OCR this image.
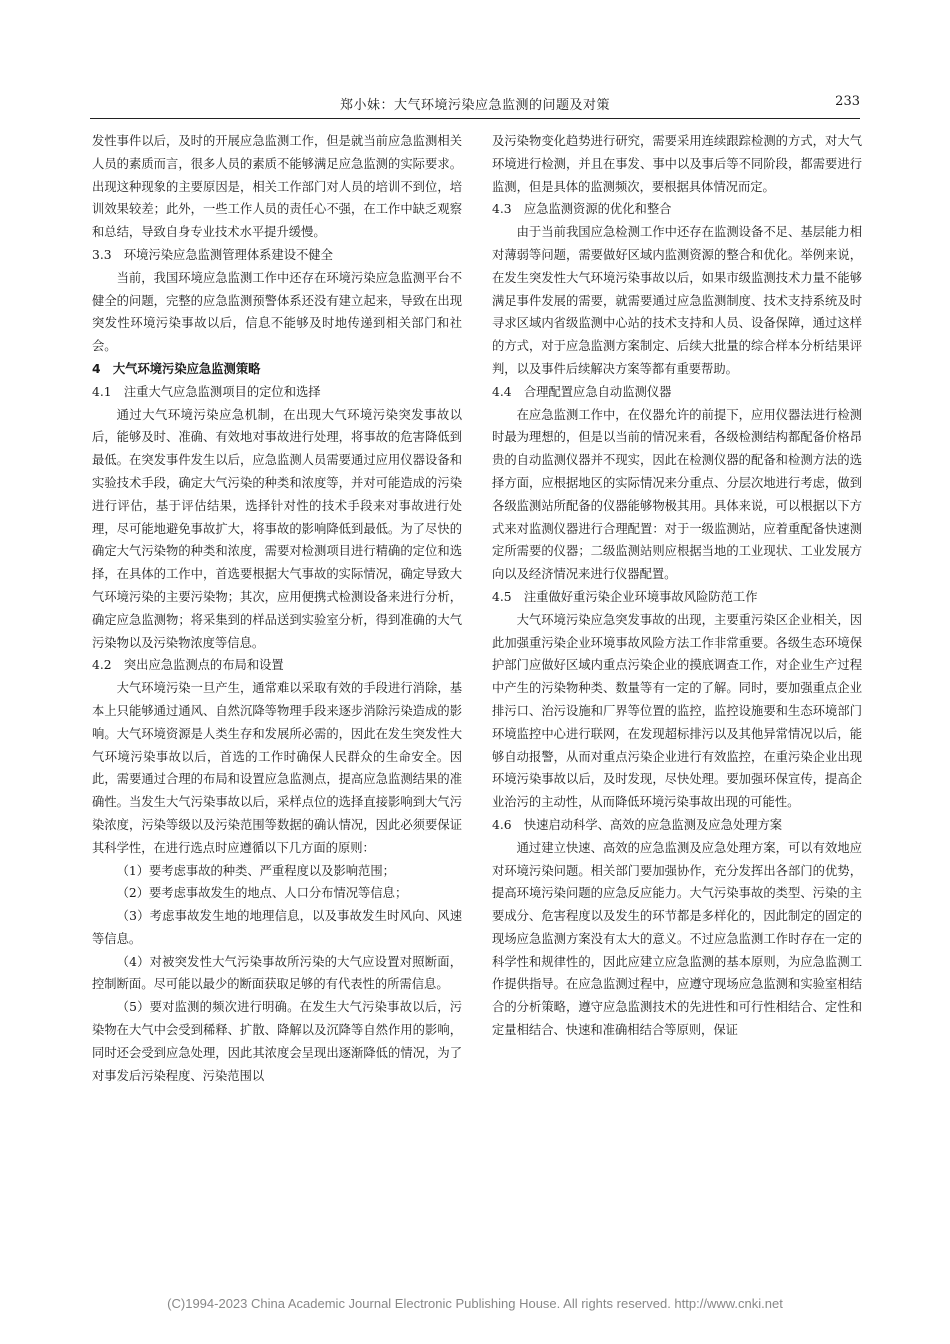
郑小妹：大气环境污染应急监测的问题及对策	233

发性事件以后，及时的开展应急监测工作，但是就当前应急监测相关人员的素质而言，很多人员的素质不能够满足应急监测的实际要求。出现这种现象的主要原因是，相关工作部门对人员的培训不到位，培训效果较差；此外，一些工作人员的责任心不强，在工作中缺乏观察和总结，导致自身专业技术水平提升缓慢。

3.3　环境污染应急监测管理体系建设不健全

当前，我国环境应急监测工作中还存在环境污染应急监测平台不健全的问题，完整的应急监测预警体系还没有建立起来，导致在出现突发性环境污染事故以后，信息不能够及时地传递到相关部门和社会。

4　大气环境污染应急监测策略

4.1　注重大气应急监测项目的定位和选择

通过大气环境污染应急机制，在出现大气环境污染突发事故以后，能够及时、准确、有效地对事故进行处理，将事故的危害降低到最低。在突发事件发生以后，应急监测人员需要通过应用仪器设备和实验技术手段，确定大气污染的种类和浓度等，并对可能造成的污染进行评估，基于评估结果，选择针对性的技术手段来对事故进行处理，尽可能地避免事故扩大，将事故的影响降低到最低。为了尽快的确定大气污染物的种类和浓度，需要对检测项目进行精确的定位和选择，在具体的工作中，首选要根据大气事故的实际情况，确定导致大气环境污染的主要污染物；其次，应用便携式检测设备来进行分析，确定应急监测物；将采集到的样品送到实验室分析，得到准确的大气污染物以及污染物浓度等信息。

4.2　突出应急监测点的布局和设置

大气环境污染一旦产生，通常难以采取有效的手段进行消除，基本上只能够通过通风、自然沉降等物理手段来逐步消除污染造成的影响。大气环境资源是人类生存和发展所必需的，因此在发生突发性大气环境污染事故以后，首选的工作时确保人民群众的生命安全。因此，需要通过合理的布局和设置应急监测点，提高应急监测结果的准确性。当发生大气污染事故以后，采样点位的选择直接影响到大气污染浓度，污染等级以及污染范围等数据的确认情况，因此必须要保证其科学性，在进行选点时应遵循以下几方面的原则：

（1）要考虑事故的种类、严重程度以及影响范围；

（2）要考虑事故发生的地点、人口分布情况等信息；

（3）考虑事故发生地的地理信息，以及事故发生时风向、风速等信息。

（4）对被突发性大气污染事故所污染的大气应设置对照断面，控制断面。尽可能以最少的断面获取足够的有代表性的所需信息。

（5）要对监测的频次进行明确。在发生大气污染事故以后，污染物在大气中会受到稀释、扩散、降解以及沉降等自然作用的影响，同时还会受到应急处理，因此其浓度会呈现出逐渐降低的情况，为了对事发后污染程度、污染范围以

及污染物变化趋势进行研究，需要采用连续跟踪检测的方式，对大气环境进行检测，并且在事发、事中以及事后等不同阶段，都需要进行监测，但是具体的监测频次，要根据具体情况而定。

4.3　应急监测资源的优化和整合

由于当前我国应急检测工作中还存在监测设备不足、基层能力相对薄弱等问题，需要做好区域内监测资源的整合和优化。举例来说，在发生突发性大气环境污染事故以后，如果市级监测技术力量不能够满足事件发展的需要，就需要通过应急监测制度、技术支持系统及时寻求区域内省级监测中心站的技术支持和人员、设备保障，通过这样的方式，对于应急监测方案制定、后续大批量的综合样本分析结果评判，以及事件后续解决方案等都有重要帮助。

4.4　合理配置应急自动监测仪器

在应急监测工作中，在仪器允许的前提下，应用仪器法进行检测时最为理想的，但是以当前的情况来看，各级检测结构都配备价格昂贵的自动监测仪器并不现实，因此在检测仪器的配备和检测方法的选择方面，应根据地区的实际情况来分重点、分层次地进行考虑，做到各级监测站所配备的仪器能够物极其用。具体来说，可以根据以下方式来对监测仪器进行合理配置：对于一级监测站，应着重配备快速测定所需要的仪器；二级监测站则应根据当地的工业现状、工业发展方向以及经济情况来进行仪器配置。

4.5　注重做好重污染企业环境事故风险防范工作

大气环境污染应急突发事故的出现，主要重污染区企业相关，因此加强重污染企业环境事故风险方法工作非常重要。各级生态环境保护部门应做好区域内重点污染企业的摸底调查工作，对企业生产过程中产生的污染物种类、数量等有一定的了解。同时，要加强重点企业排污口、治污设施和厂界等位置的监控，监控设施要和生态环境部门环境监控中心进行联网，在发现超标排污以及其他异常情况以后，能够自动报警，从而对重点污染企业进行有效监控，在重污染企业出现环境污染事故以后，及时发现，尽快处理。要加强环保宣传，提高企业治污的主动性，从而降低环境污染事故出现的可能性。

4.6　快速启动科学、高效的应急监测及应急处理方案

通过建立快速、高效的应急监测及应急处理方案，可以有效地应对环境污染问题。相关部门要加强协作，充分发挥出各部门的优势，提高环境污染问题的应急反应能力。大气污染事故的类型、污染的主要成分、危害程度以及发生的环节都是多样化的，因此制定的固定的现场应急监测方案没有太大的意义。不过应急监测工作时存在一定的科学性和规律性的，因此应建立应急监测的基本原则，为应急监测工作提供指导。在应急监测过程中，应遵守现场应急监测和实验室相结合的分析策略，遵守应急监测技术的先进性和可行性相结合、定性和定量相结合、快速和准确相结合等原则，保证

(C)1994-2023 China Academic Journal Electronic Publishing House. All rights reserved. http://www.cnki.net
